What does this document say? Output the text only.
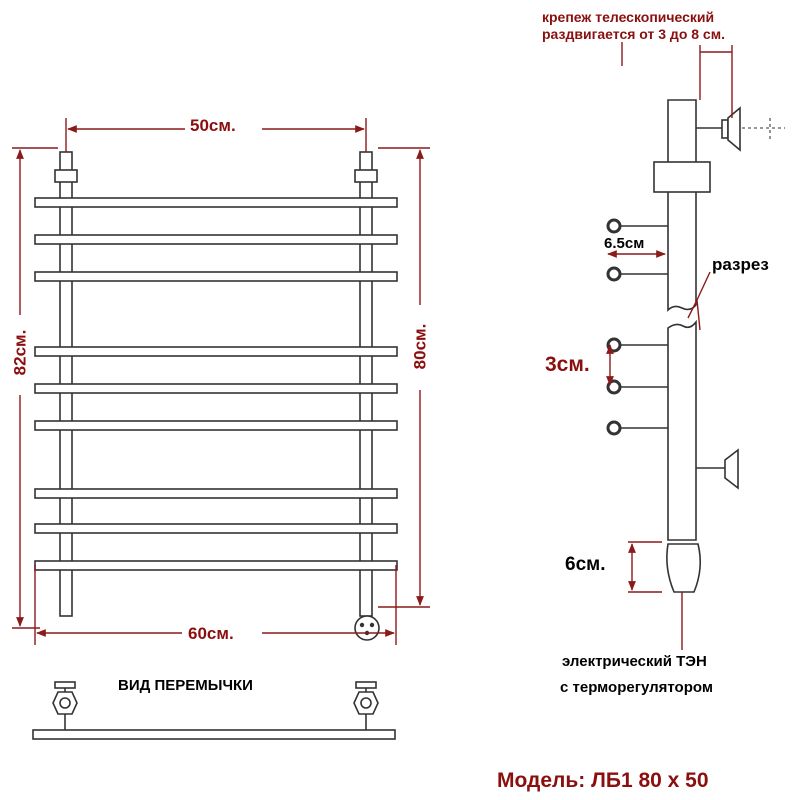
50см.
60см.
82см.	80см.
ВИД ПЕРЕМЫЧКИ
крепеж телескопический
раздвигается от 3 до 8 см.
6.5см
разрез
3см.
6см.
электрический ТЭН
с терморегулятором
Модель: ЛБ1 80 х 50
